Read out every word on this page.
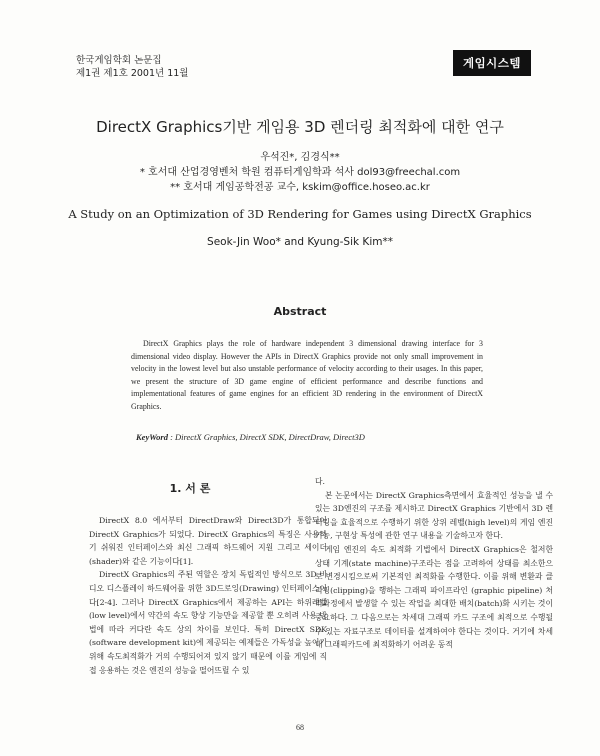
한국게임학회 논문집
제1권 제1호 2001년 11월
게임시스템
DirectX Graphics기반 게임용 3D 렌더링 최적화에 대한 연구
우석진*, 김경식**
* 호서대 산업경영벤처 학원 컴퓨터게임학과 석사 dol93@freechal.com
** 호서대 게임공학전공 교수, kskim@office.hoseo.ac.kr
A Study on an Optimization of 3D Rendering for Games using DirectX Graphics
Seok-Jin Woo* and Kyung-Sik Kim**
Abstract

DirectX Graphics plays the role of hardware independent 3 dimensional drawing interface for 3 dimensional video display. However the APIs in DirectX Graphics provide not only small improvement in velocity in the lowest level but also unstable performance of velocity according to their usages. In this paper, we present the structure of 3D game engine of efficient performance and describe functions and implementational features of game engines for an efficient 3D rendering in the environment of DirectX Graphics.

KeyWord : DirectX Graphics, DirectX SDK, DirectDraw, Direct3D
1. 서 론

DirectX 8.0 에서부터 DirectDraw와 Direct3D가 통합되어 DirectX Graphics가 되었다. DirectX Graphics의 특징은 사용하기 쉬워진 인터페이스와 최신 그래픽 하드웨어 지원 그리고 세이더(shader)와 같은 기능이다[1].

DirectX Graphics의 주된 역할은 장치 독립적인 방식으로 3D 비디오 디스플레이 하드웨어를 위한 3D드로잉(Drawing) 인터페이스이다[2-4]. 그러나 DirectX Graphics에서 제공하는 API는 하위레벨(low level)에서 약간의 속도 향상 기능만을 제공할 뿐 오히려 사용 방법에 따라 커다란 속도 상의 차이를 보인다. 특히 DirectX SDK (software development kit)에 제공되는 예제들은 가독성을 높이기 위해 속도최적화가 거의 수행되어져 있지 않기 때문에 이를 게임에 직접 응용하는 것은 엔진의 성능을 떨어뜨릴 수 있

다.

본 논문에서는 DirectX Graphics측면에서 효율적인 성능을 낼 수 있는 3D엔진의 구조를 제시하고 DirectX Graphics 기반에서 3D 렌더링을 효율적으로 수행하기 위한 상위 레벨(high level)의 게임 엔진 기능, 구현상 특성에 관한 연구 내용을 기술하고자 한다.

게임 엔진의 속도 최적화 기법에서 DirectX Graphics은 철저한 상태 기계(state machine)구조라는 점을 고려하여 상태를 최소한으로 변경시킴으로써 기본적인 최적화를 수행한다. 이를 위해 변환과 클리핑(clipping)을 행하는 그래픽 파이프라인 (graphic pipeline) 처리과정에서 발생할 수 있는 작업을 최대한 배치(batch)화 시키는 것이 중요하다. 그 다음으로는 차세대 그래픽 카드 구조에 최적으로 수행될 수 있는 자료구조로 데이터를 설계하여야 한다는 것이다. 거기에 차세대 그래픽카드에 최적화하기 어려운 동적

68
